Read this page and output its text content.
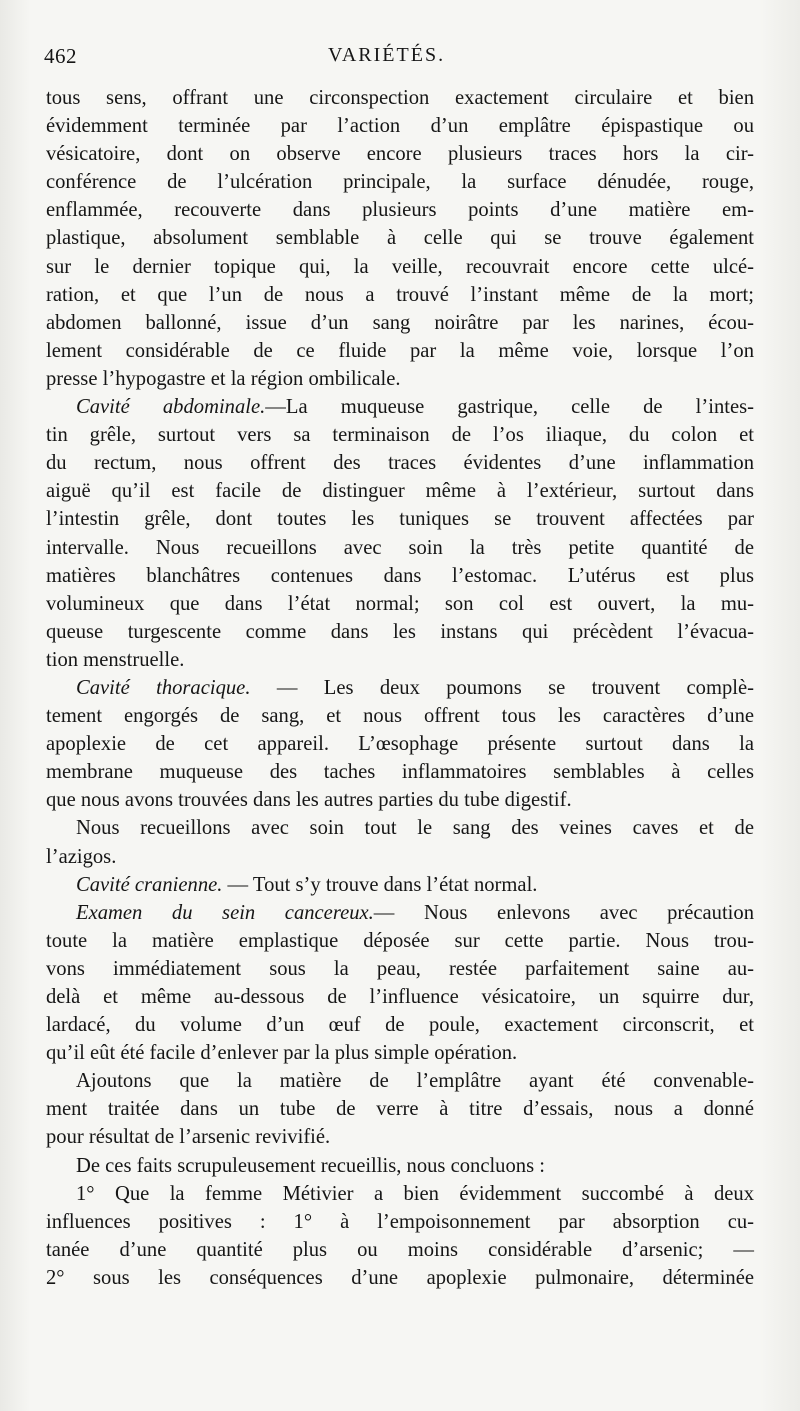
462	VARIÉTÉS.
tous sens, offrant une circonspection exactement circulaire et bien
évidemment terminée par l’action d’un emplâtre épispastique ou
vésicatoire, dont on observe encore plusieurs traces hors la cir-
conférence de l’ulcération principale, la surface dénudée, rouge,
enflammée, recouverte dans plusieurs points d’une matière em-
plastique, absolument semblable à celle qui se trouve également
sur le dernier topique qui, la veille, recouvrait encore cette ulcé-
ration, et que l’un de nous a trouvé l’instant même de la mort;
abdomen ballonné, issue d’un sang noirâtre par les narines, écou-
lement considérable de ce fluide par la même voie, lorsque l’on
presse l’hypogastre et la région ombilicale.
Cavité abdominale.—La muqueuse gastrique, celle de l’intes-
tin grêle, surtout vers sa terminaison de l’os iliaque, du colon et
du rectum, nous offrent des traces évidentes d’une inflammation
aiguë qu’il est facile de distinguer même à l’extérieur, surtout dans
l’intestin grêle, dont toutes les tuniques se trouvent affectées par
intervalle. Nous recueillons avec soin la très petite quantité de
matières blanchâtres contenues dans l’estomac. L’utérus est plus
volumineux que dans l’état normal; son col est ouvert, la mu-
queuse turgescente comme dans les instans qui précèdent l’évacua-
tion menstruelle.
Cavité thoracique. — Les deux poumons se trouvent complè-
tement engorgés de sang, et nous offrent tous les caractères d’une
apoplexie de cet appareil. L’œsophage présente surtout dans la
membrane muqueuse des taches inflammatoires semblables à celles
que nous avons trouvées dans les autres parties du tube digestif.
Nous recueillons avec soin tout le sang des veines caves et de
l’azigos.
Cavité cranienne. — Tout s’y trouve dans l’état normal.
Examen du sein cancereux.— Nous enlevons avec précaution
toute la matière emplastique déposée sur cette partie. Nous trou-
vons immédiatement sous la peau, restée parfaitement saine au-
delà et même au-dessous de l’influence vésicatoire, un squirre dur,
lardacé, du volume d’un œuf de poule, exactement circonscrit, et
qu’il eût été facile d’enlever par la plus simple opération.
Ajoutons que la matière de l’emplâtre ayant été convenable-
ment traitée dans un tube de verre à titre d’essais, nous a donné
pour résultat de l’arsenic revivifié.
De ces faits scrupuleusement recueillis, nous concluons :
1° Que la femme Métivier a bien évidemment succombé à deux
influences positives : 1° à l’empoisonnement par absorption cu-
tanée d’une quantité plus ou moins considérable d’arsenic; —
2° sous les conséquences d’une apoplexie pulmonaire, déterminée
